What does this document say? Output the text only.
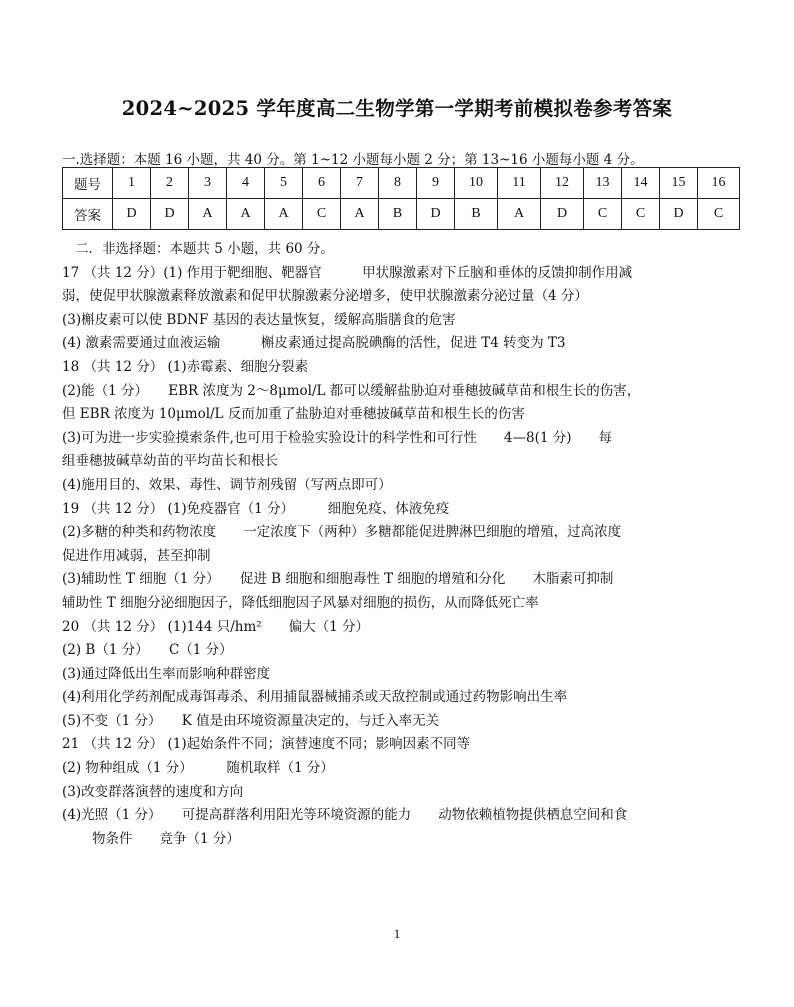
2024~2025 学年度高二生物学第一学期考前模拟卷参考答案
一.选择题：本题 16 小题，共 40 分。第 1~12 小题每小题 2 分；第 13~16 小题每小题 4 分。
题号	1	2	3	4	5	6	7	8	9	10	11	12	13	14	15	16
答案	D	D	A	A	A	C	A	B	D	B	A	D	C	C	D	C
二．非选择题：本题共 5 小题，共 60 分。
17 （共 12 分）(1) 作用于靶细胞、靶器官　　　甲状腺激素对下丘脑和垂体的反馈抑制作用减
弱，使促甲状腺激素释放激素和促甲状腺激素分泌增多，使甲状腺激素分泌过量（4 分）
(3)槲皮素可以使 BDNF 基因的表达量恢复，缓解高脂膳食的危害
(4) 激素需要通过血液运输　　　槲皮素通过提高脱碘酶的活性，促进 T4 转变为 T3
18 （共 12 分） (1)赤霉素、细胞分裂素
(2)能（1 分）　　EBR 浓度为 2～8μmol/L 都可以缓解盐胁迫对垂穗披碱草苗和根生长的伤害，
但 EBR 浓度为 10μmol/L 反而加重了盐胁迫对垂穗披碱草苗和根生长的伤害
(3)可为进一步实验摸索条件,也可用于检验实验设计的科学性和可行性　　4—8(1 分)　　每
组垂穗披碱草幼苗的平均苗长和根长
(4)施用目的、效果、毒性、调节剂残留（写两点即可）
19 （共 12 分） (1)免疫器官（1 分）　　　细胞免疫、体液免疫
(2)多糖的种类和药物浓度　　一定浓度下（两种）多糖都能促进脾淋巴细胞的增殖，过高浓度
促进作用减弱，甚至抑制
(3)辅助性 T 细胞（1 分）　　促进 B 细胞和细胞毒性 T 细胞的增殖和分化　　木脂素可抑制
辅助性 T 细胞分泌细胞因子，降低细胞因子风暴对细胞的损伤，从而降低死亡率
20 （共 12 分） (1)144 只/hm²　　偏大（1 分）
(2) B（1 分）　　C（1 分）
(3)通过降低出生率而影响种群密度
(4)利用化学药剂配成毒饵毒杀、利用捕鼠器械捕杀或天敌控制或通过药物影响出生率
(5)不变（1 分）　　K 值是由环境资源量决定的，与迁入率无关
21 （共 12 分） (1)起始条件不同；演替速度不同；影响因素不同等
(2) 物种组成（1 分）　　　随机取样（1 分）
(3)改变群落演替的速度和方向
(4)光照（1 分）　　可提高群落利用阳光等环境资源的能力　　动物依赖植物提供栖息空间和食
物条件　　竞争（1 分）
1
